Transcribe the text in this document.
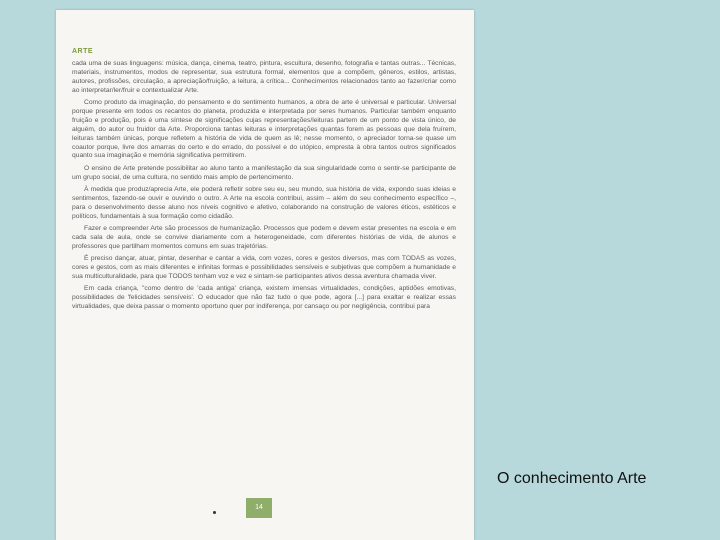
ARTE

cada uma de suas linguagens: música, dança, cinema, teatro, pintura, escultura, desenho, fotografia e tantas outras... Técnicas, materiais, instrumentos, modos de representar, sua estrutura formal, elementos que a compõem, gêneros, estilos, artistas, autores, profissões, circulação, a apreciação/fruição, a leitura, a crítica... Conhecimentos relacionados tanto ao fazer/criar como ao interpretar/ler/fruir e contextualizar Arte.

Como produto da imaginação, do pensamento e do sentimento humanos, a obra de arte é universal e particular. Universal porque presente em todos os recantos do planeta, produzida e interpretada por seres humanos. Particular também enquanto fruição e produção, pois é uma síntese de significações cujas representações/leituras partem de um ponto de vista único, de alguém, do autor ou fruidor da Arte. Proporciona tantas leituras e interpretações quantas forem as pessoas que dela fruírem, leituras também únicas, porque refletem a história de vida de quem as lê; nesse momento, o apreciador torna-se quase um coautor porque, livre dos amarras do certo e do errado, do possível e do utópico, empresta à obra tantos outros significados quanto sua imaginação e memória significativa permitirem.

O ensino de Arte pretende possibilitar ao aluno tanto a manifestação da sua singularidade como o sentir-se participante de um grupo social, de uma cultura, no sentido mais amplo de pertencimento.

À medida que produz/aprecia Arte, ele poderá refletir sobre seu eu, seu mundo, sua história de vida, expondo suas ideias e sentimentos, fazendo-se ouvir e ouvindo o outro. A Arte na escola contribui, assim – além do seu conhecimento específico –, para o desenvolvimento desse aluno nos níveis cognitivo e afetivo, colaborando na construção de valores éticos, estéticos e políticos, fundamentais à sua formação como cidadão.

Fazer e compreender Arte são processos de humanização. Processos que podem e devem estar presentes na escola e em cada sala de aula, onde se convive diariamente com a heterogeneidade, com diferentes histórias de vida, de alunos e professores que partilham momentos comuns em suas trajetórias.

É preciso dançar, atuar, pintar, desenhar e cantar a vida, com vozes, cores e gestos diversos, mas com TODAS as vozes, cores e gestos, com as mais diferentes e infinitas formas e possibilidades sensíveis e subjetivas que compõem a humanidade e sua multiculturalidade, para que TODOS tenham voz e vez e sintam-se participantes ativos dessa aventura chamada viver.

Em cada criança, "como dentro de 'cada antiga' criança, existem imensas virtualidades, condições, aptidões emotivas, possibilidades de 'felicidades sensíveis'. O educador que não faz tudo o que pode, agora [...] para exaltar e realizar essas virtualidades, que deixa passar o momento oportuno quer por indiferença, por cansaço ou por negligência, contribui para

14
O conhecimento Arte
